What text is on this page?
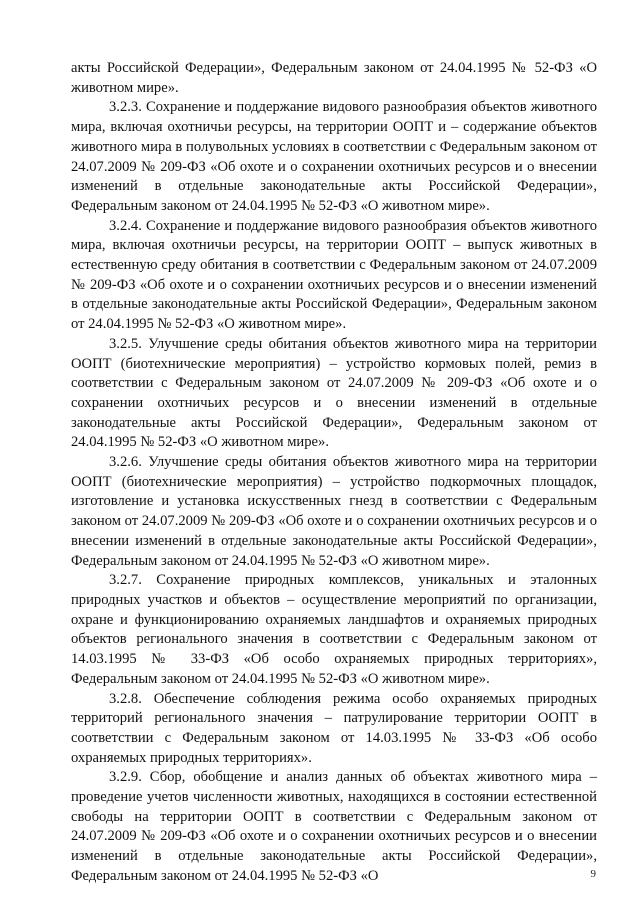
акты Российской Федерации», Федеральным законом от 24.04.1995 № 52-ФЗ «О животном мире».

3.2.3. Сохранение и поддержание видового разнообразия объектов животного мира, включая охотничьи ресурсы, на территории ООПТ и – содержание объектов животного мира в полувольных условиях в соответствии с Федеральным законом от 24.07.2009 № 209-ФЗ «Об охоте и о сохранении охотничьих ресурсов и о внесении изменений в отдельные законодательные акты Российской Федерации», Федеральным законом от 24.04.1995 № 52-ФЗ «О животном мире».

3.2.4. Сохранение и поддержание видового разнообразия объектов животного мира, включая охотничьи ресурсы, на территории ООПТ – выпуск животных в естественную среду обитания в соответствии с Федеральным законом от 24.07.2009 № 209-ФЗ «Об охоте и о сохранении охотничьих ресурсов и о внесении изменений в отдельные законодательные акты Российской Федерации», Федеральным законом от 24.04.1995 № 52-ФЗ «О животном мире».

3.2.5. Улучшение среды обитания объектов животного мира на территории ООПТ (биотехнические мероприятия) – устройство кормовых полей, ремиз в соответствии с Федеральным законом от 24.07.2009 № 209-ФЗ «Об охоте и о сохранении охотничьих ресурсов и о внесении изменений в отдельные законодательные акты Российской Федерации», Федеральным законом от 24.04.1995 № 52-ФЗ «О животном мире».

3.2.6. Улучшение среды обитания объектов животного мира на территории ООПТ (биотехнические мероприятия) – устройство подкормочных площадок, изготовление и установка искусственных гнезд в соответствии с Федеральным законом от 24.07.2009 № 209-ФЗ «Об охоте и о сохранении охотничьих ресурсов и о внесении изменений в отдельные законодательные акты Российской Федерации», Федеральным законом от 24.04.1995 № 52-ФЗ «О животном мире».

3.2.7. Сохранение природных комплексов, уникальных и эталонных природных участков и объектов – осуществление мероприятий по организации, охране и функционированию охраняемых ландшафтов и охраняемых природных объектов регионального значения в соответствии с Федеральным законом от 14.03.1995 № 33-ФЗ «Об особо охраняемых природных территориях», Федеральным законом от 24.04.1995 № 52-ФЗ «О животном мире».

3.2.8. Обеспечение соблюдения режима особо охраняемых природных территорий регионального значения – патрулирование территории ООПТ в соответствии с Федеральным законом от 14.03.1995 № 33-ФЗ «Об особо охраняемых природных территориях».

3.2.9. Сбор, обобщение и анализ данных об объектах животного мира – проведение учетов численности животных, находящихся в состоянии естественной свободы на территории ООПТ в соответствии с Федеральным законом от 24.07.2009 № 209-ФЗ «Об охоте и о сохранении охотничьих ресурсов и о внесении изменений в отдельные законодательные акты Российской Федерации», Федеральным законом от 24.04.1995 № 52-ФЗ «О	9
